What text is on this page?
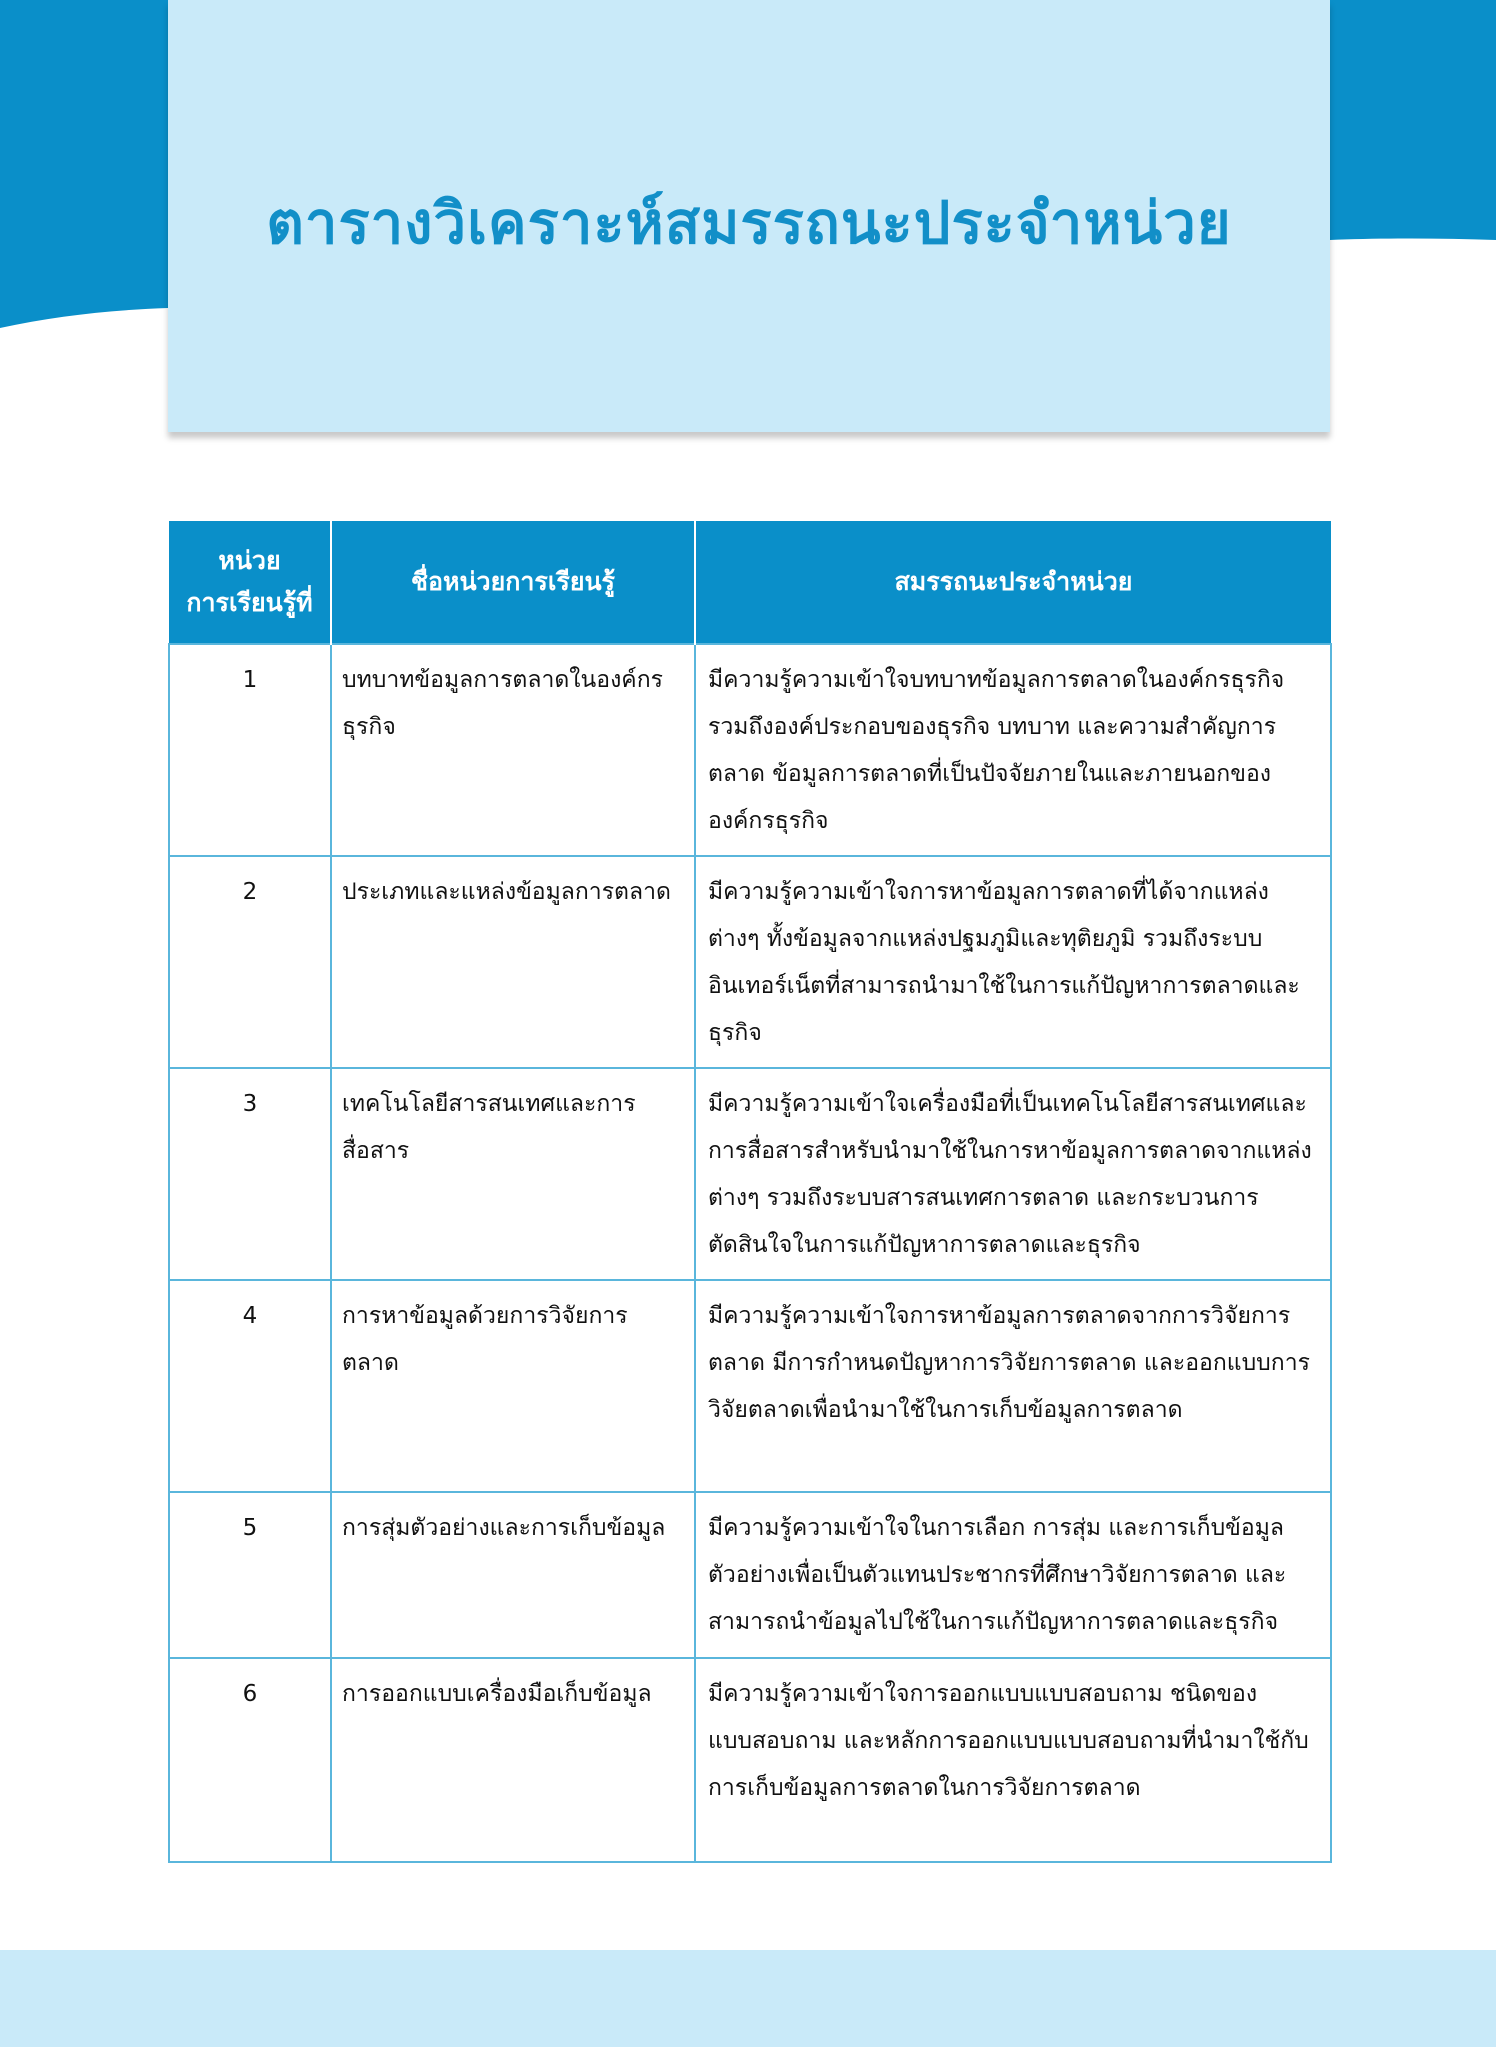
ตารางวิเคราะห์สมรรถนะประจำหน่วย
หน่วย
การเรียนรู้ที่	ชื่อหน่วยการเรียนรู้	สมรรถนะประจำหน่วย
1	บทบาทข้อมูลการตลาดในองค์กรธุรกิจ	มีความรู้ความเข้าใจบทบาทข้อมูลการตลาดในองค์กรธุรกิจ รวมถึงองค์ประกอบของธุรกิจ บทบาท และความสำคัญการตลาด ข้อมูลการตลาดที่เป็นปัจจัยภายในและภายนอกขององค์กรธุรกิจ
2	ประเภทและแหล่งข้อมูลการตลาด	มีความรู้ความเข้าใจการหาข้อมูลการตลาดที่ได้จากแหล่งต่างๆ ทั้งข้อมูลจากแหล่งปฐมภูมิและทุติยภูมิ รวมถึงระบบอินเทอร์เน็ตที่สามารถนำมาใช้ในการแก้ปัญหาการตลาดและธุรกิจ
3	เทคโนโลยีสารสนเทศและการสื่อสาร	มีความรู้ความเข้าใจเครื่องมือที่เป็นเทคโนโลยีสารสนเทศและการสื่อสารสำหรับนำมาใช้ในการหาข้อมูลการตลาดจากแหล่งต่างๆ รวมถึงระบบสารสนเทศการตลาด และกระบวนการตัดสินใจในการแก้ปัญหาการตลาดและธุรกิจ
4	การหาข้อมูลด้วยการวิจัยการตลาด	มีความรู้ความเข้าใจการหาข้อมูลการตลาดจากการวิจัยการตลาด มีการกำหนดปัญหาการวิจัยการตลาด และออกแบบการวิจัยตลาดเพื่อนำมาใช้ในการเก็บข้อมูลการตลาด
5	การสุ่มตัวอย่างและการเก็บข้อมูล	มีความรู้ความเข้าใจในการเลือก การสุ่ม และการเก็บข้อมูลตัวอย่างเพื่อเป็นตัวแทนประชากรที่ศึกษาวิจัยการตลาด และสามารถนำข้อมูลไปใช้ในการแก้ปัญหาการตลาดและธุรกิจ
6	การออกแบบเครื่องมือเก็บข้อมูล	มีความรู้ความเข้าใจการออกแบบแบบสอบถาม ชนิดของแบบสอบถาม และหลักการออกแบบแบบสอบถามที่นำมาใช้กับการเก็บข้อมูลการตลาดในการวิจัยการตลาด
